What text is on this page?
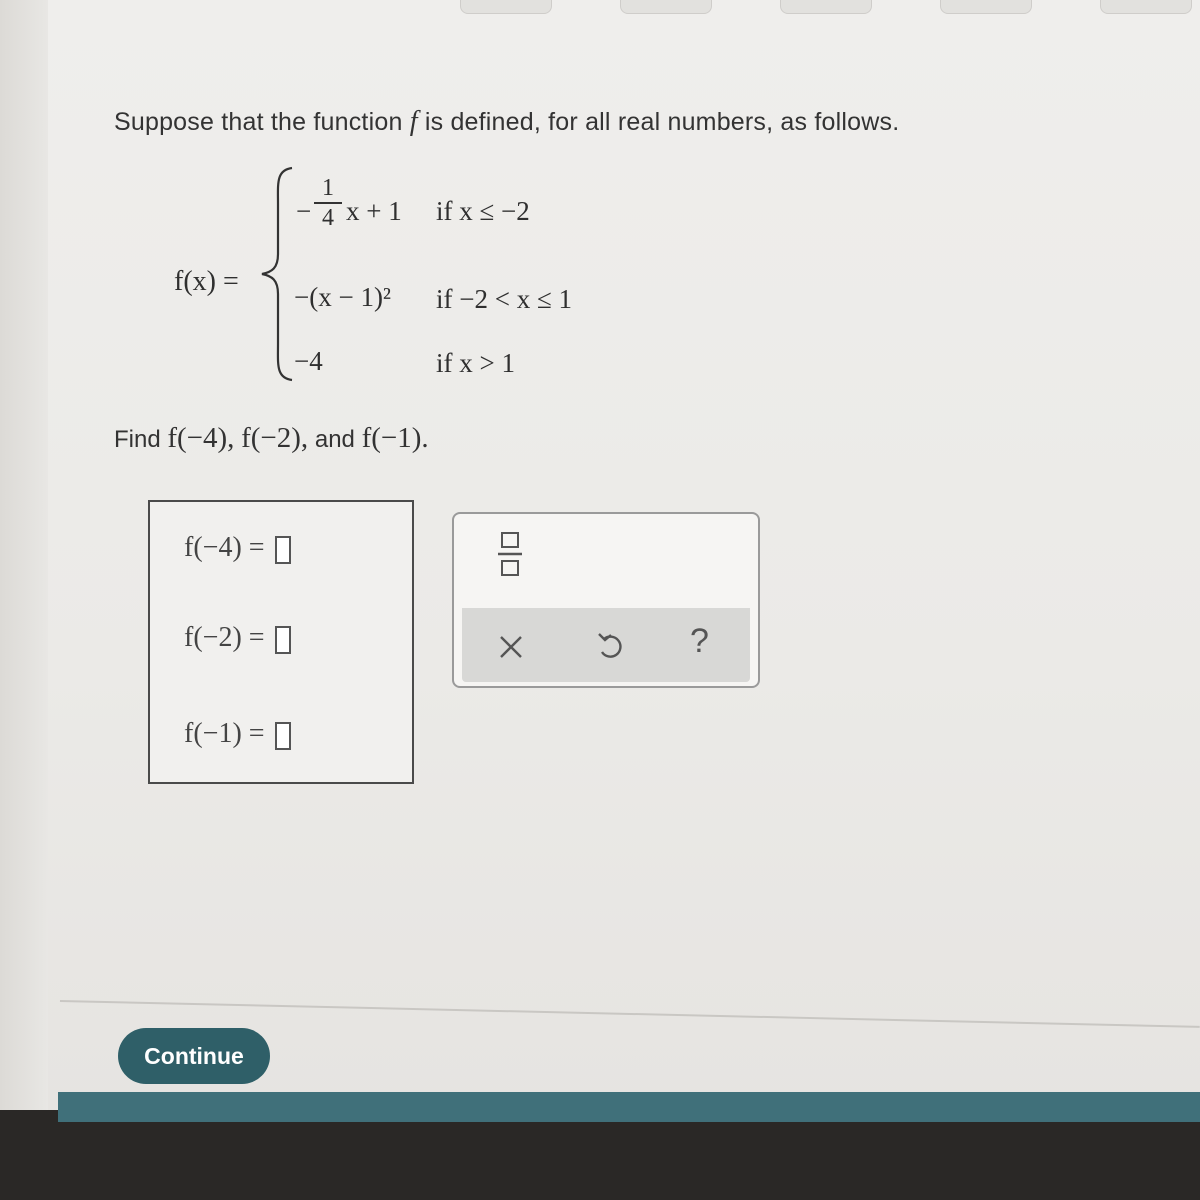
Suppose that the function f is defined, for all real numbers, as follows.
f(x) =
−
1
4 x + 1 if x ≤ −2
−(x − 1)² if −2 < x ≤ 1
−4	if x > 1
Find f(−4), f(−2), and f(−1).
f(−4) =
f(−2) =
f(−1) =
?
Continue
